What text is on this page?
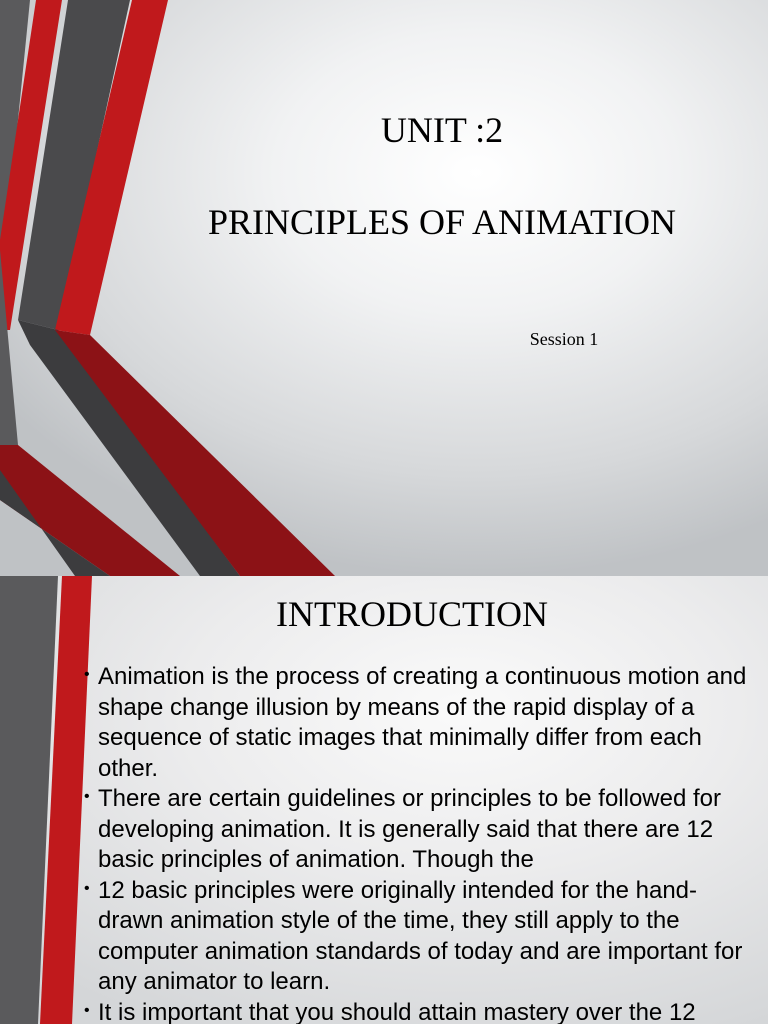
UNIT :2
PRINCIPLES OF ANIMATION
Session 1
INTRODUCTION
• Animation is the process of creating a continuous motion and shape change illusion by means of the rapid display of a sequence of static images that minimally differ from each other.
• There are certain guidelines or principles to be followed for developing animation. It is generally said that there are 12 basic principles of animation. Though the
• 12 basic principles were originally intended for the hand-drawn animation style of the time, they still apply to the computer animation standards of today and are important for any animator to learn.
• It is important that you should attain mastery over the 12
